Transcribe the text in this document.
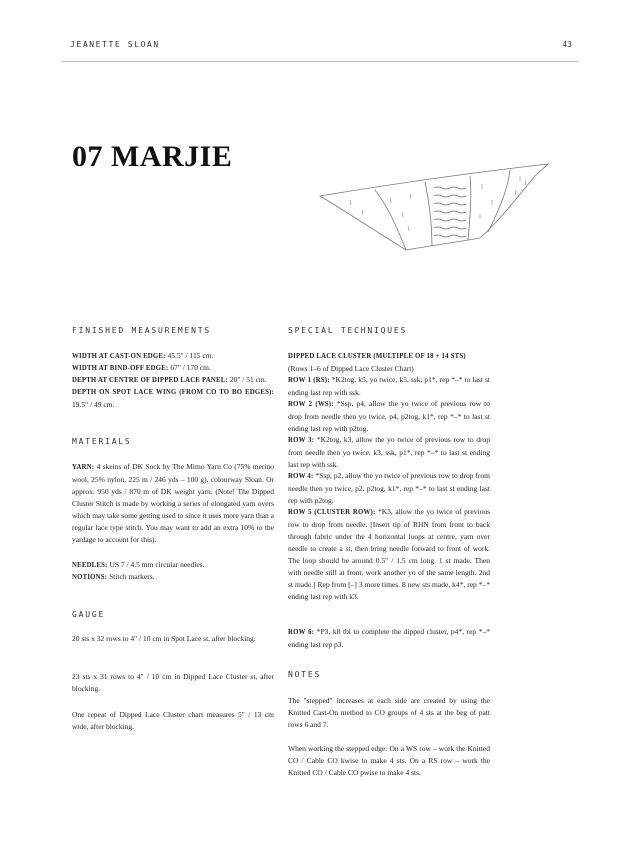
JEANETTE SLOAN	43
07 MARJIE
FINISHED MEASUREMENTS

WIDTH AT CAST-ON EDGE: 45.5" / 115 cm.

WIDTH AT BIND-OFF EDGE: 67" / 170 cm.

DEPTH AT CENTRE OF DIPPED LACE PANEL: 20" / 51 cm.

DEPTH ON SPOT LACE WING (FROM CO TO BO EDGES): 19.5" / 49 cm.

MATERIALS

YARN: 4 skeins of DK Sock by The Mimo Yarn Co (75% merino wool, 25% nylon, 225 m / 246 yds – 100 g), colourway Sloan. Or approx. 950 yds / 870 m of DK weight yarn. (Note! The Dipped Cluster Stitch is made by working a series of elongated yarn overs which may take some getting used to since it uses more yarn than a regular lace type stitch. You may want to add an extra 10% to the yardage to account for this).

NEEDLES: US 7 / 4.5 mm circular needles.

NOTIONS: Stitch markers.

GAUGE

20 sts x 32 rows to 4" / 10 cm in Spot Lace st, after blocking.

23 sts x 31 rows to 4" / 10 cm in Dipped Lace Cluster st, after blocking.

One repeat of Dipped Lace Cluster chart measures 5" / 13 cm wide, after blocking.

SPECIAL TECHNIQUES

DIPPED LACE CLUSTER (MULTIPLE OF 18 + 14 STS)
(Rows 1–6 of Dipped Lace Cluster Chart)

ROW 1 (RS): *K2tog, k5, yo twice, k5, ssk, p1*, rep *–* to last st ending last rep with ssk.

ROW 2 (WS): *Ssp, p4, allow the yo twice of previous row to drop from needle then yo twice, p4, p2tog, k1*, rep *–* to last st ending last rep with p2tog.

ROW 3: *K2tog, k3, allow the yo twice of previous row to drop from needle then yo twice, k3, ssk, p1*, rep *–* to last st ending last rep with ssk.

ROW 4: *Ssp, p2, allow the yo twice of previous row to drop from needle then yo twice, p2, p2tog, k1*, rep *–* to last st ending last rep with p2tog.

ROW 5 (CLUSTER ROW): *K3, allow the yo twice of previous row to drop from needle. [Insert tip of RHN from front to back through fabric under the 4 horizontal loops at centre, yarn over needle to create a st, then bring needle forward to front of work. The loop should be around 0.5" / 1.5 cm long. 1 st made. Then with needle still at front, work another yo of the same length. 2nd st made.] Rep from [–] 3 more times. 8 new sts made, k4*, rep *–* ending last rep with k3.

ROW 6: *P3, k8 tbl to complete the dipped cluster, p4*, rep *–* ending last rep p3.

NOTES

The "stepped" increases at each side are created by using the Knitted Cast-On method to CO groups of 4 sts at the beg of patt rows 6 and 7.

When working the stepped edge: On a WS row – work the Knitted CO / Cable CO kwise to make 4 sts. On a RS row – work the Knitted CO / Cable CO pwise to make 4 sts.
